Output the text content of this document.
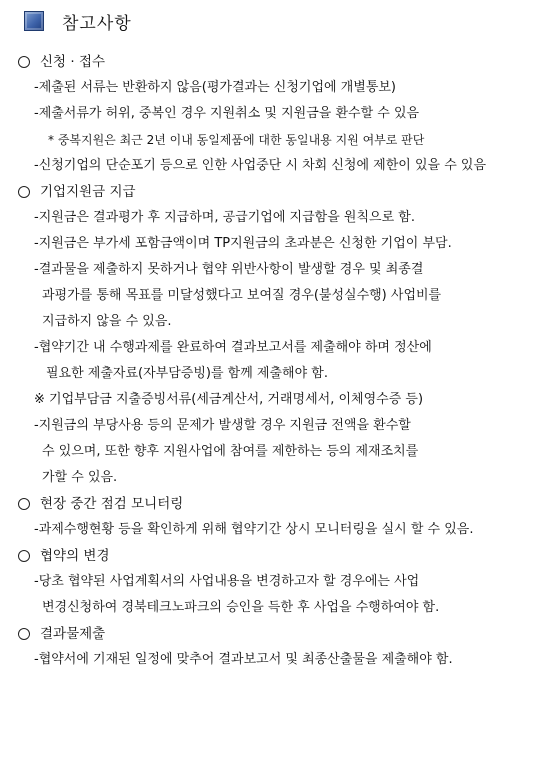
참고사항
신청 · 접수
-제출된 서류는 반환하지 않음(평가결과는 신청기업에 개별통보)
-제출서류가 허위, 중복인 경우 지원취소 및 지원금을 환수할 수 있음
* 중복지원은 최근 2년 이내 동일제품에 대한 동일내용 지원 여부로 판단
-신청기업의 단순포기 등으로 인한 사업중단 시 차회 신청에 제한이 있을 수 있음
기업지원금 지급
-지원금은 결과평가 후 지급하며, 공급기업에 지급함을 원칙으로 함.
-지원금은 부가세 포함금액이며 TP지원금의 초과분은 신청한 기업이 부담.
-결과물을 제출하지 못하거나 협약 위반사항이 발생할 경우 및 최종결
과평가를 통해 목표를 미달성했다고 보여질 경우(불성실수행) 사업비를
지급하지 않을 수 있음.
-협약기간 내 수행과제를 완료하여 결과보고서를 제출해야 하며 정산에
필요한 제출자료(자부담증빙)를 함께 제출해야 함.
※ 기업부담금 지출증빙서류(세금계산서, 거래명세서, 이체영수증 등)
-지원금의 부당사용 등의 문제가 발생할 경우 지원금 전액을 환수할
수 있으며, 또한 향후 지원사업에 참여를 제한하는 등의 제재조치를
가할 수 있음.
현장 중간 점검 모니터링
-과제수행현황 등을 확인하게 위해 협약기간 상시 모니터링을 실시 할 수 있음.
협약의 변경
-당초 협약된 사업계획서의 사업내용을 변경하고자 할 경우에는 사업
변경신청하여 경북테크노파크의 승인을 득한 후 사업을 수행하여야 함.
결과물제출
-협약서에 기재된 일정에 맞추어 결과보고서 및 최종산출물을 제출해야 함.
